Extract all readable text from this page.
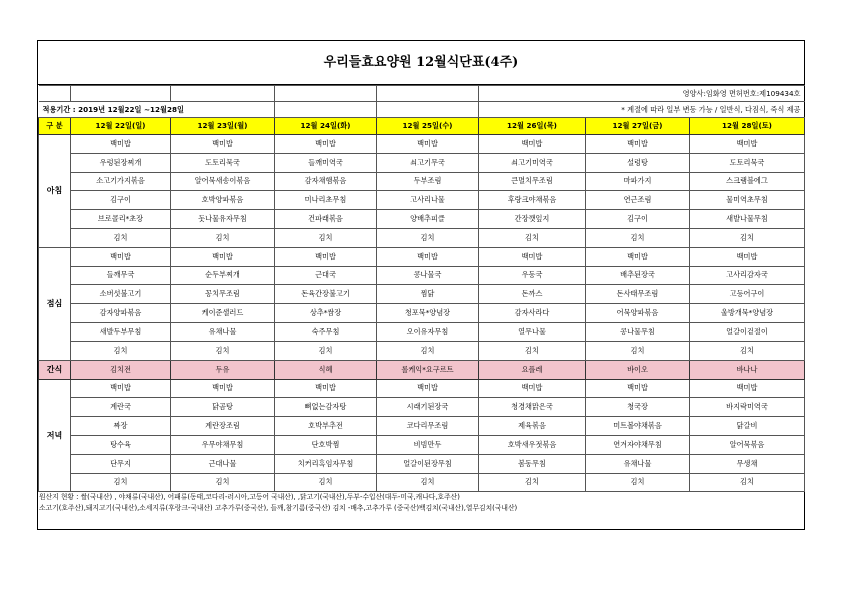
우리들효요양원 12월식단표(4주)
					영양사:임화영 면허번호:제109434호		
적용기간 : 2019년 12월22일 ~12월28일					* 계절에 따라 일부 변동 가능 / 일반식, 다짐식, 죽식 제공		
구 분	12월 22일(일)	12월 23일(월)	12월 24일(화)	12월 25일(수)	12월 26일(목)	12월 27일(금)	12월 28일(토)
아침	백미밥	백미밥	백미밥	백미밥	백미밥	백미밥	백미밥
	우렁된장찌개	도토리묵국	들깨미역국	쇠고기무국	쇠고기미역국	설렁탕	도토리묵국
	소고기가지볶음	알어묵새송이볶음	감자채햄볶음	두부조림	큰멸치무조림	마파가지	스크램블에그
	김구이	호박양파볶음	미나리초무침	고사리나물	후랑크야채볶음	연근조림	물미역초무침
	브로콜리*초장	돗나물유자무침	건파래볶음	양배추피클	간장깻잎지	김구이	새발나물무침
	김치	김치	김치	김치	김치	김치	김치
점심	백미밥	백미밥	백미밥	백미밥	백미밥	백미밥	백미밥
	들깨무국	순두부찌개	근대국	콩나물국	우동국	배추된장국	고사리감자국
	소버섯불고기	꽁치무조림	돈육간장불고기	찜닭	돈까스	돈사태무조림	고등어구이
	감자양파볶음	케이준샐러드	상추*쌈장	청포묵*양념장	감자사라다	어묵양파볶음	울방개묵*양념장
	새발두부무침	유채나물	숙주무침	오이유자무침	열무나물	콩나물무침	얼갈이겉절이
	김치	김치	김치	김치	김치	김치	김치
간식	김치전	두유	식혜	롤케익*요구르트	요플레	바이오	바나나
저녁	백미밥	백미밥	백미밥	백미밥	백미밥	백미밥	백미밥
	계란국	닭곰탕	뼈없는감자탕	시래기된장국	청경채맑은국	청국장	바지락미역국
	짜장	계란장조림	호박부추전	코다리무조림	제육볶음	미트볼야채볶음	닭갈비
	탕수육	우무야채무침	단호박찜	비빔만두	호박새우젓볶음	연겨자야채무침	알어묵볶음
	단무지	근대나물	치커리흑임자무침	얼갈이된장무침	봄동무침	유채나물	무생채
	김치	김치	김치	김치	김치	김치	김치
원산지 현황 : 쌀(국내산) , 야채류(국내산), 어패류(동태,코다리-러시아,고등어 국내산), ,닭고기(국내산),두부-수입산(대두-미국,캐나다,호주산)
소고기(호주산),돼지고기(국내산),소세지류(후랑크-국내산) 고추가루(중국산), 들깨,참기름(중국산) 김치 -배추,고추가루 (중국산)백김치(국내산),열무김치(국내산)
